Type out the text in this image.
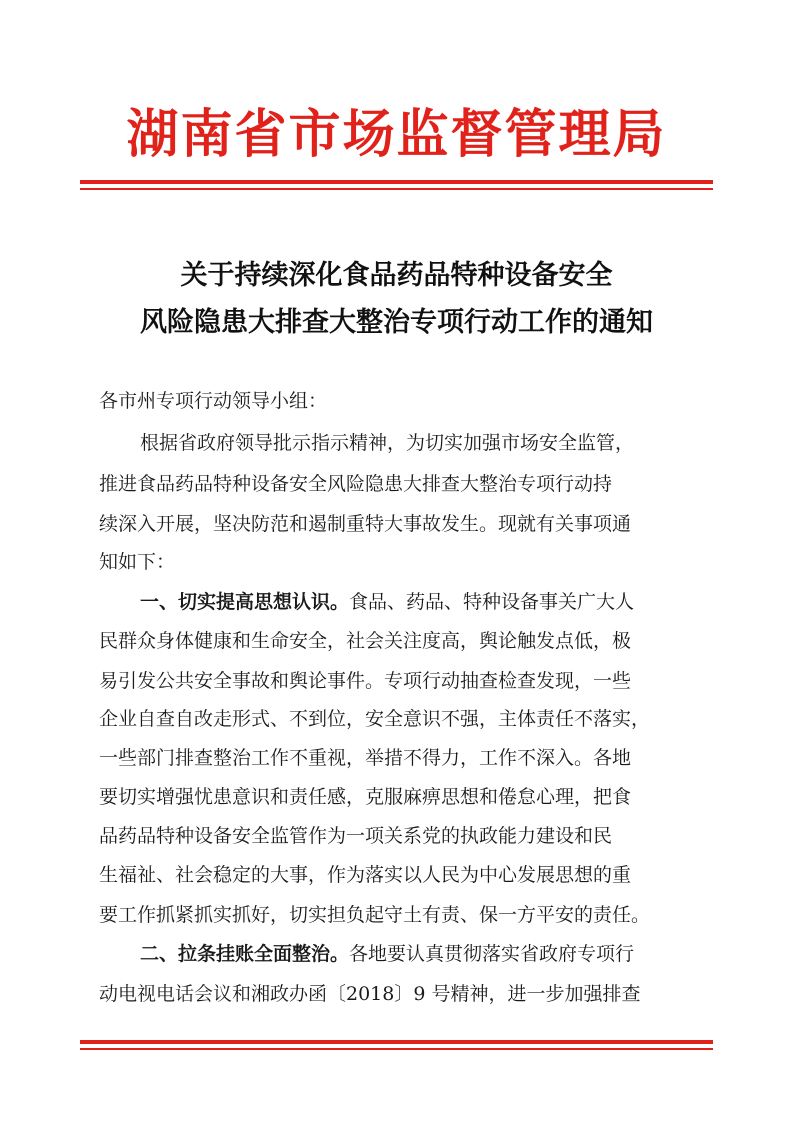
湖南省市场监督管理局
关于持续深化食品药品特种设备安全
风险隐患大排查大整治专项行动工作的通知
各市州专项行动领导小组：
根据省政府领导批示指示精神，为切实加强市场安全监管，
推进食品药品特种设备安全风险隐患大排查大整治专项行动持
续深入开展，坚决防范和遏制重特大事故发生。现就有关事项通
知如下：
一、切实提高思想认识。食品、药品、特种设备事关广大人
民群众身体健康和生命安全，社会关注度高，舆论触发点低，极
易引发公共安全事故和舆论事件。专项行动抽查检查发现，一些
企业自查自改走形式、不到位，安全意识不强，主体责任不落实，
一些部门排查整治工作不重视，举措不得力，工作不深入。各地
要切实增强忧患意识和责任感，克服麻痹思想和倦怠心理，把食
品药品特种设备安全监管作为一项关系党的执政能力建设和民
生福祉、社会稳定的大事，作为落实以人民为中心发展思想的重
要工作抓紧抓实抓好，切实担负起守土有责、保一方平安的责任。
二、拉条挂账全面整治。各地要认真贯彻落实省政府专项行
动电视电话会议和湘政办函〔2018〕9 号精神，进一步加强排查
